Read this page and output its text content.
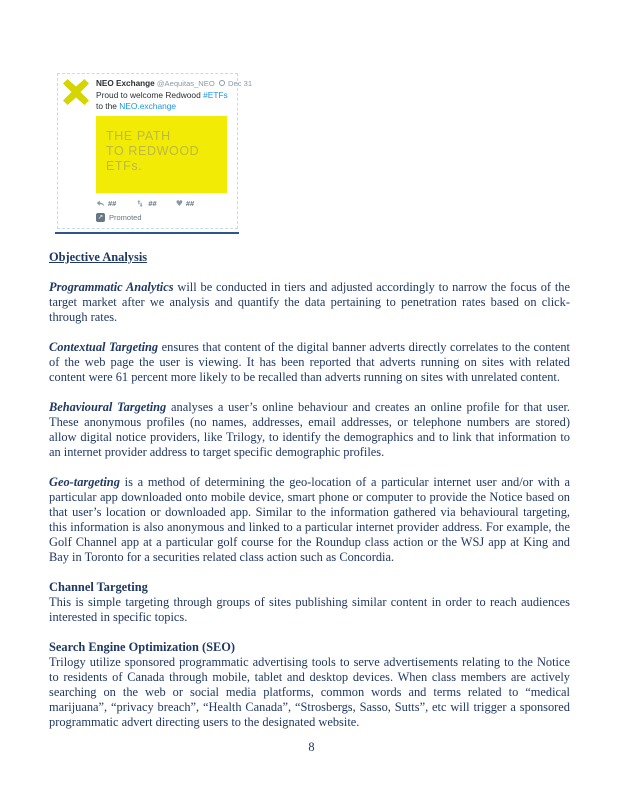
NEO Exchange @Aequitas_NEO Dec 31
Proud to welcome Redwood #ETFs to the NEO.exchange
THE PATH
TO REDWOOD
ETFs.
##	## ♥ ##
↗ Promoted
Objective Analysis

Programmatic Analytics will be conducted in tiers and adjusted accordingly to narrow the focus of the target market after we analysis and quantify the data pertaining to penetration rates based on click-through rates.

Contextual Targeting ensures that content of the digital banner adverts directly correlates to the content of the web page the user is viewing. It has been reported that adverts running on sites with related content were 61 percent more likely to be recalled than adverts running on sites with unrelated content.

Behavioural Targeting analyses a user’s online behaviour and creates an online profile for that user. These anonymous profiles (no names, addresses, email addresses, or telephone numbers are stored) allow digital notice providers, like Trilogy, to identify the demographics and to link that information to an internet provider address to target specific demographic profiles.

Geo-targeting is a method of determining the geo-location of a particular internet user and/or with a particular app downloaded onto mobile device, smart phone or computer to provide the Notice based on that user’s location or downloaded app. Similar to the information gathered via behavioural targeting, this information is also anonymous and linked to a particular internet provider address. For example, the Golf Channel app at a particular golf course for the Roundup class action or the WSJ app at King and Bay in Toronto for a securities related class action such as Concordia.

Channel Targeting
This is simple targeting through groups of sites publishing similar content in order to reach audiences interested in specific topics.
Search Engine Optimization (SEO)
Trilogy utilize sponsored programmatic advertising tools to serve advertisements relating to the Notice to residents of Canada through mobile, tablet and desktop devices. When class members are actively searching on the web or social media platforms, common words and terms related to “medical marijuana”, “privacy breach”, “Health Canada”, “Strosbergs, Sasso, Sutts”, etc will trigger a sponsored programmatic advert directing users to the designated website.
8
